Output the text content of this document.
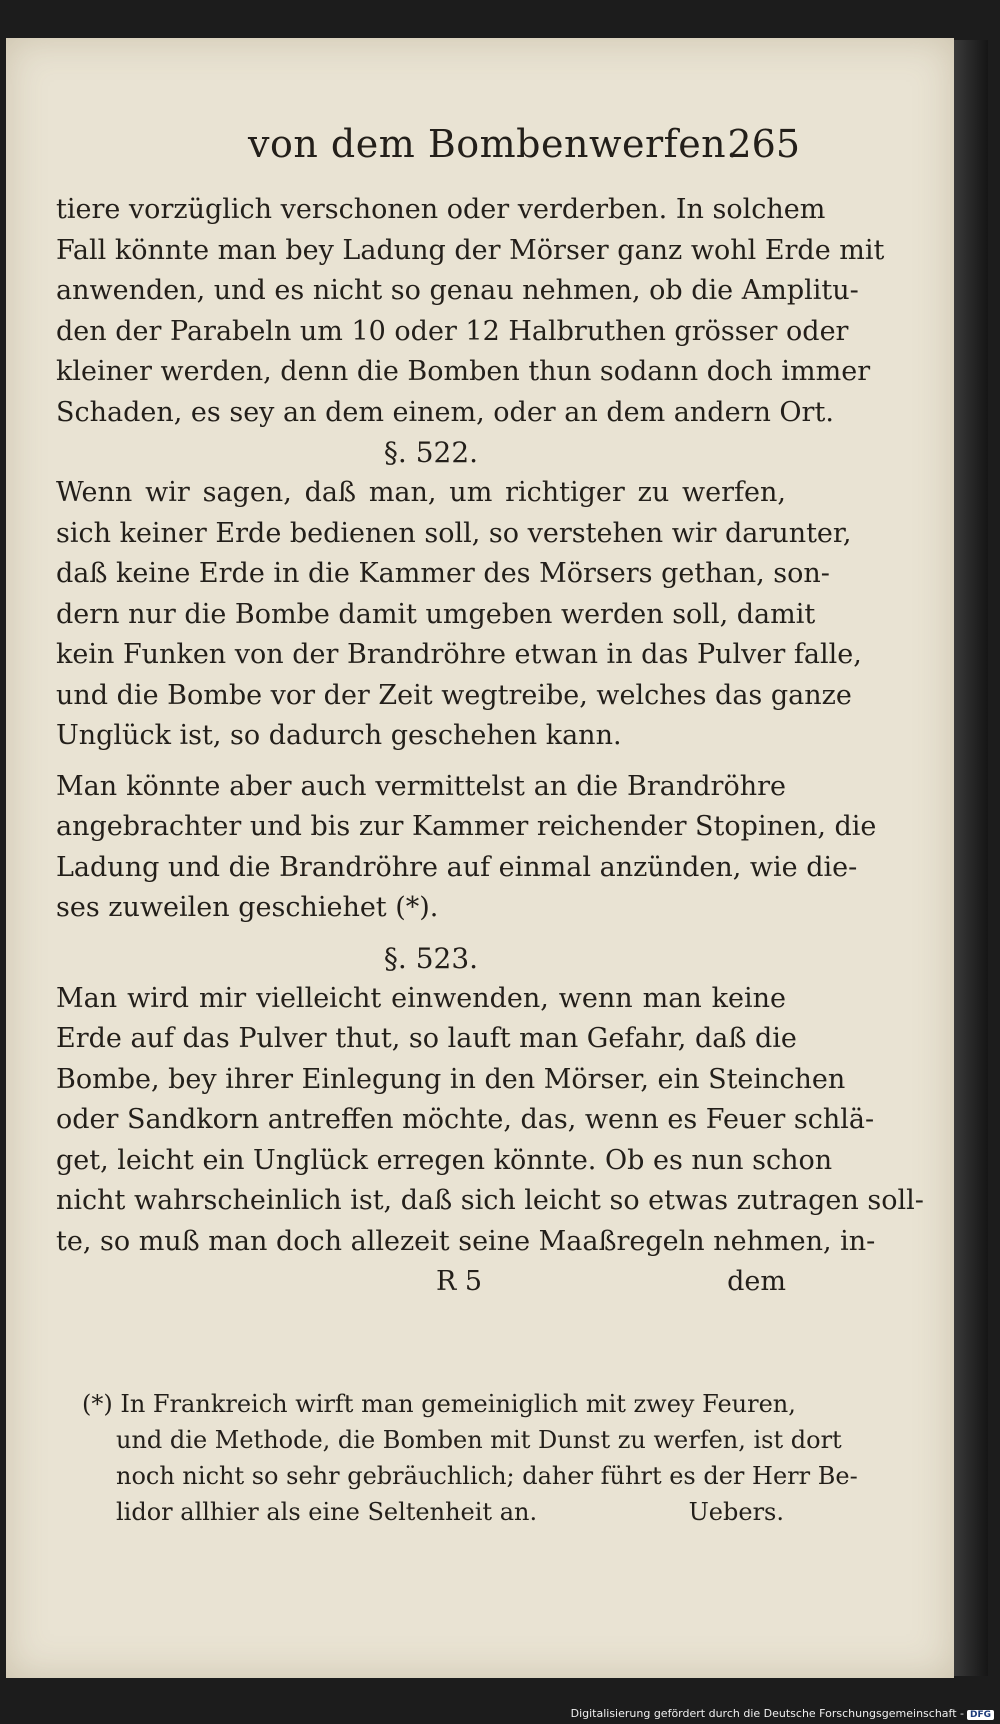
von dem Bombenwerfen.
265
tiere vorzüglich verschonen oder verderben. In solchem
Fall könnte man bey Ladung der Mörser ganz wohl Erde mit
anwenden, und es nicht so genau nehmen, ob die Amplitu-
den der Parabeln um 10 oder 12 Halbruthen grösser oder
kleiner werden, denn die Bomben thun sodann doch immer
Schaden, es sey an dem einem, oder an dem andern Ort.
§. 522.
Wenn wir sagen, daß man, um richtiger zu werfen,
sich keiner Erde bedienen soll, so verstehen wir darunter,
daß keine Erde in die Kammer des Mörsers gethan, son-
dern nur die Bombe damit umgeben werden soll, damit
kein Funken von der Brandröhre etwan in das Pulver falle,
und die Bombe vor der Zeit wegtreibe, welches das ganze
Unglück ist, so dadurch geschehen kann.
Man könnte aber auch vermittelst an die Brandröhre
angebrachter und bis zur Kammer reichender Stopinen, die
Ladung und die Brandröhre auf einmal anzünden, wie die-
ses zuweilen geschiehet (*).
§. 523.
Man wird mir vielleicht einwenden, wenn man keine
Erde auf das Pulver thut, so lauft man Gefahr, daß die
Bombe, bey ihrer Einlegung in den Mörser, ein Steinchen
oder Sandkorn antreffen möchte, das, wenn es Feuer schlä-
get, leicht ein Unglück erregen könnte. Ob es nun schon
nicht wahrscheinlich ist, daß sich leicht so etwas zutragen soll-
te, so muß man doch allezeit seine Maaßregeln nehmen, in-
R 5	dem
(*) In Frankreich wirft man gemeiniglich mit zwey Feuren,
und die Methode, die Bomben mit Dunst zu werfen, ist dort
noch nicht so sehr gebräuchlich; daher führt es der Herr Be-
lidor allhier als eine Seltenheit an.	Uebers.
Digitalisierung gefördert durch die Deutsche Forschungsgemeinschaft - DFG
